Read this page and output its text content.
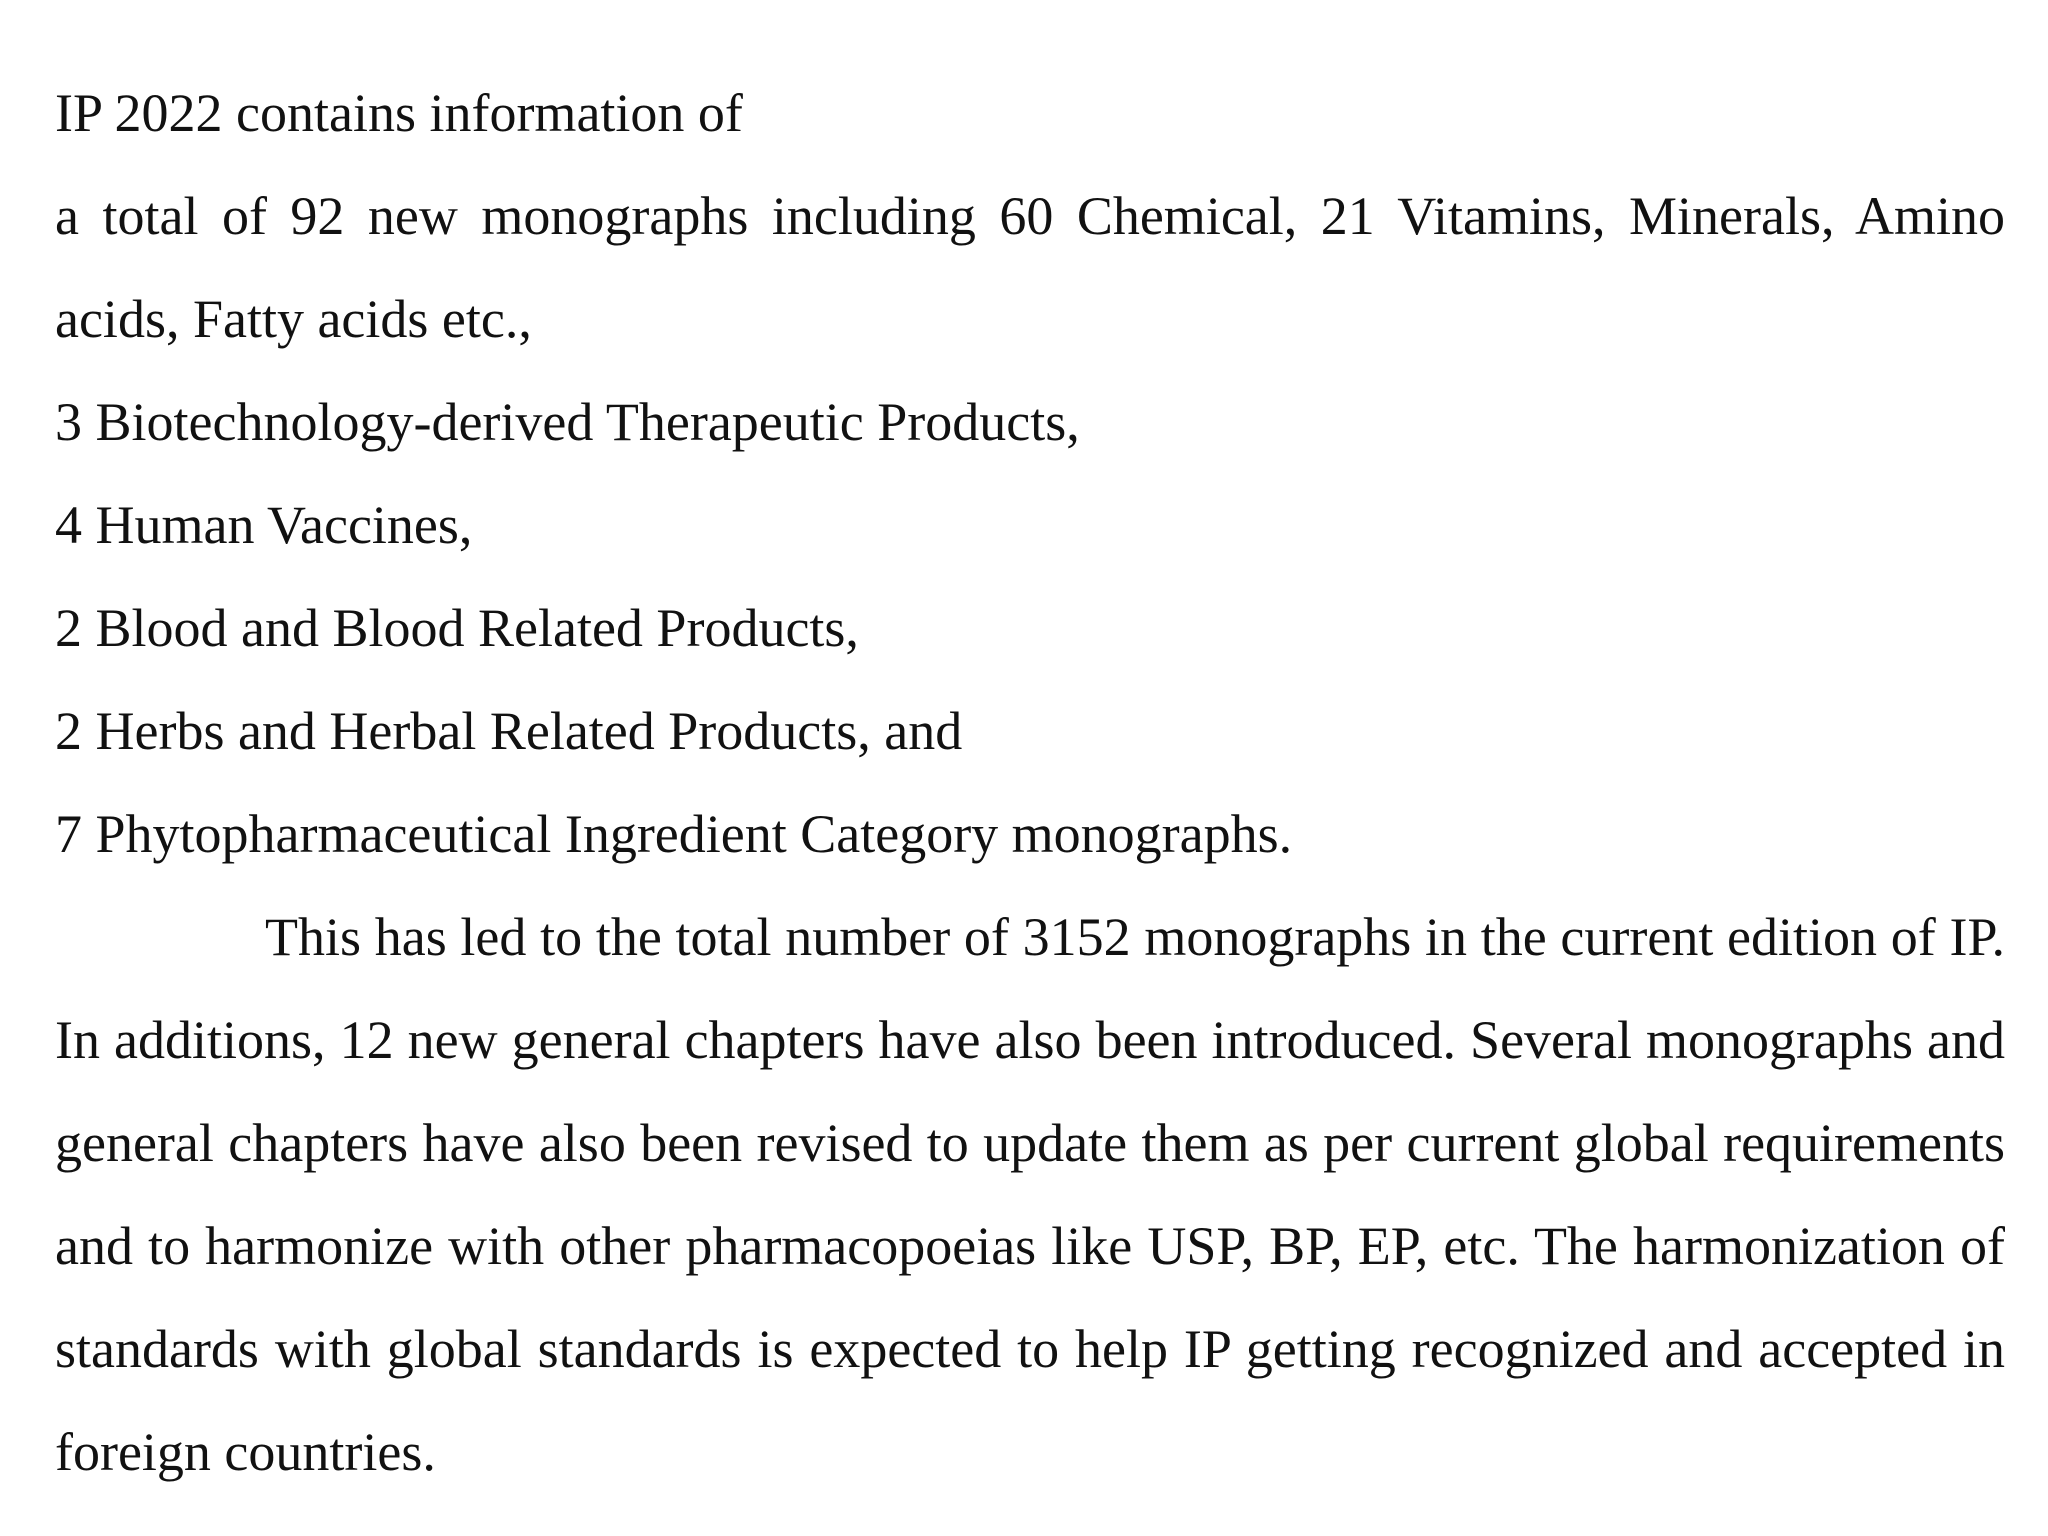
IP 2022 contains information of

a total of 92 new monographs including 60 Chemical, 21 Vitamins, Minerals, Amino acids, Fatty acids etc.,

3 Biotechnology-derived Therapeutic Products,

4 Human Vaccines,

2 Blood and Blood Related Products,

2 Herbs and Herbal Related Products, and

7 Phytopharmaceutical Ingredient Category monographs.

This has led to the total number of 3152 monographs in the current edition of IP. In additions, 12 new general chapters have also been introduced. Several monographs and general chapters have also been revised to update them as per current global requirements and to harmonize with other pharmacopoeias like USP, BP, EP, etc. The harmonization of standards with global standards is expected to help IP getting recognized and accepted in foreign countries.
